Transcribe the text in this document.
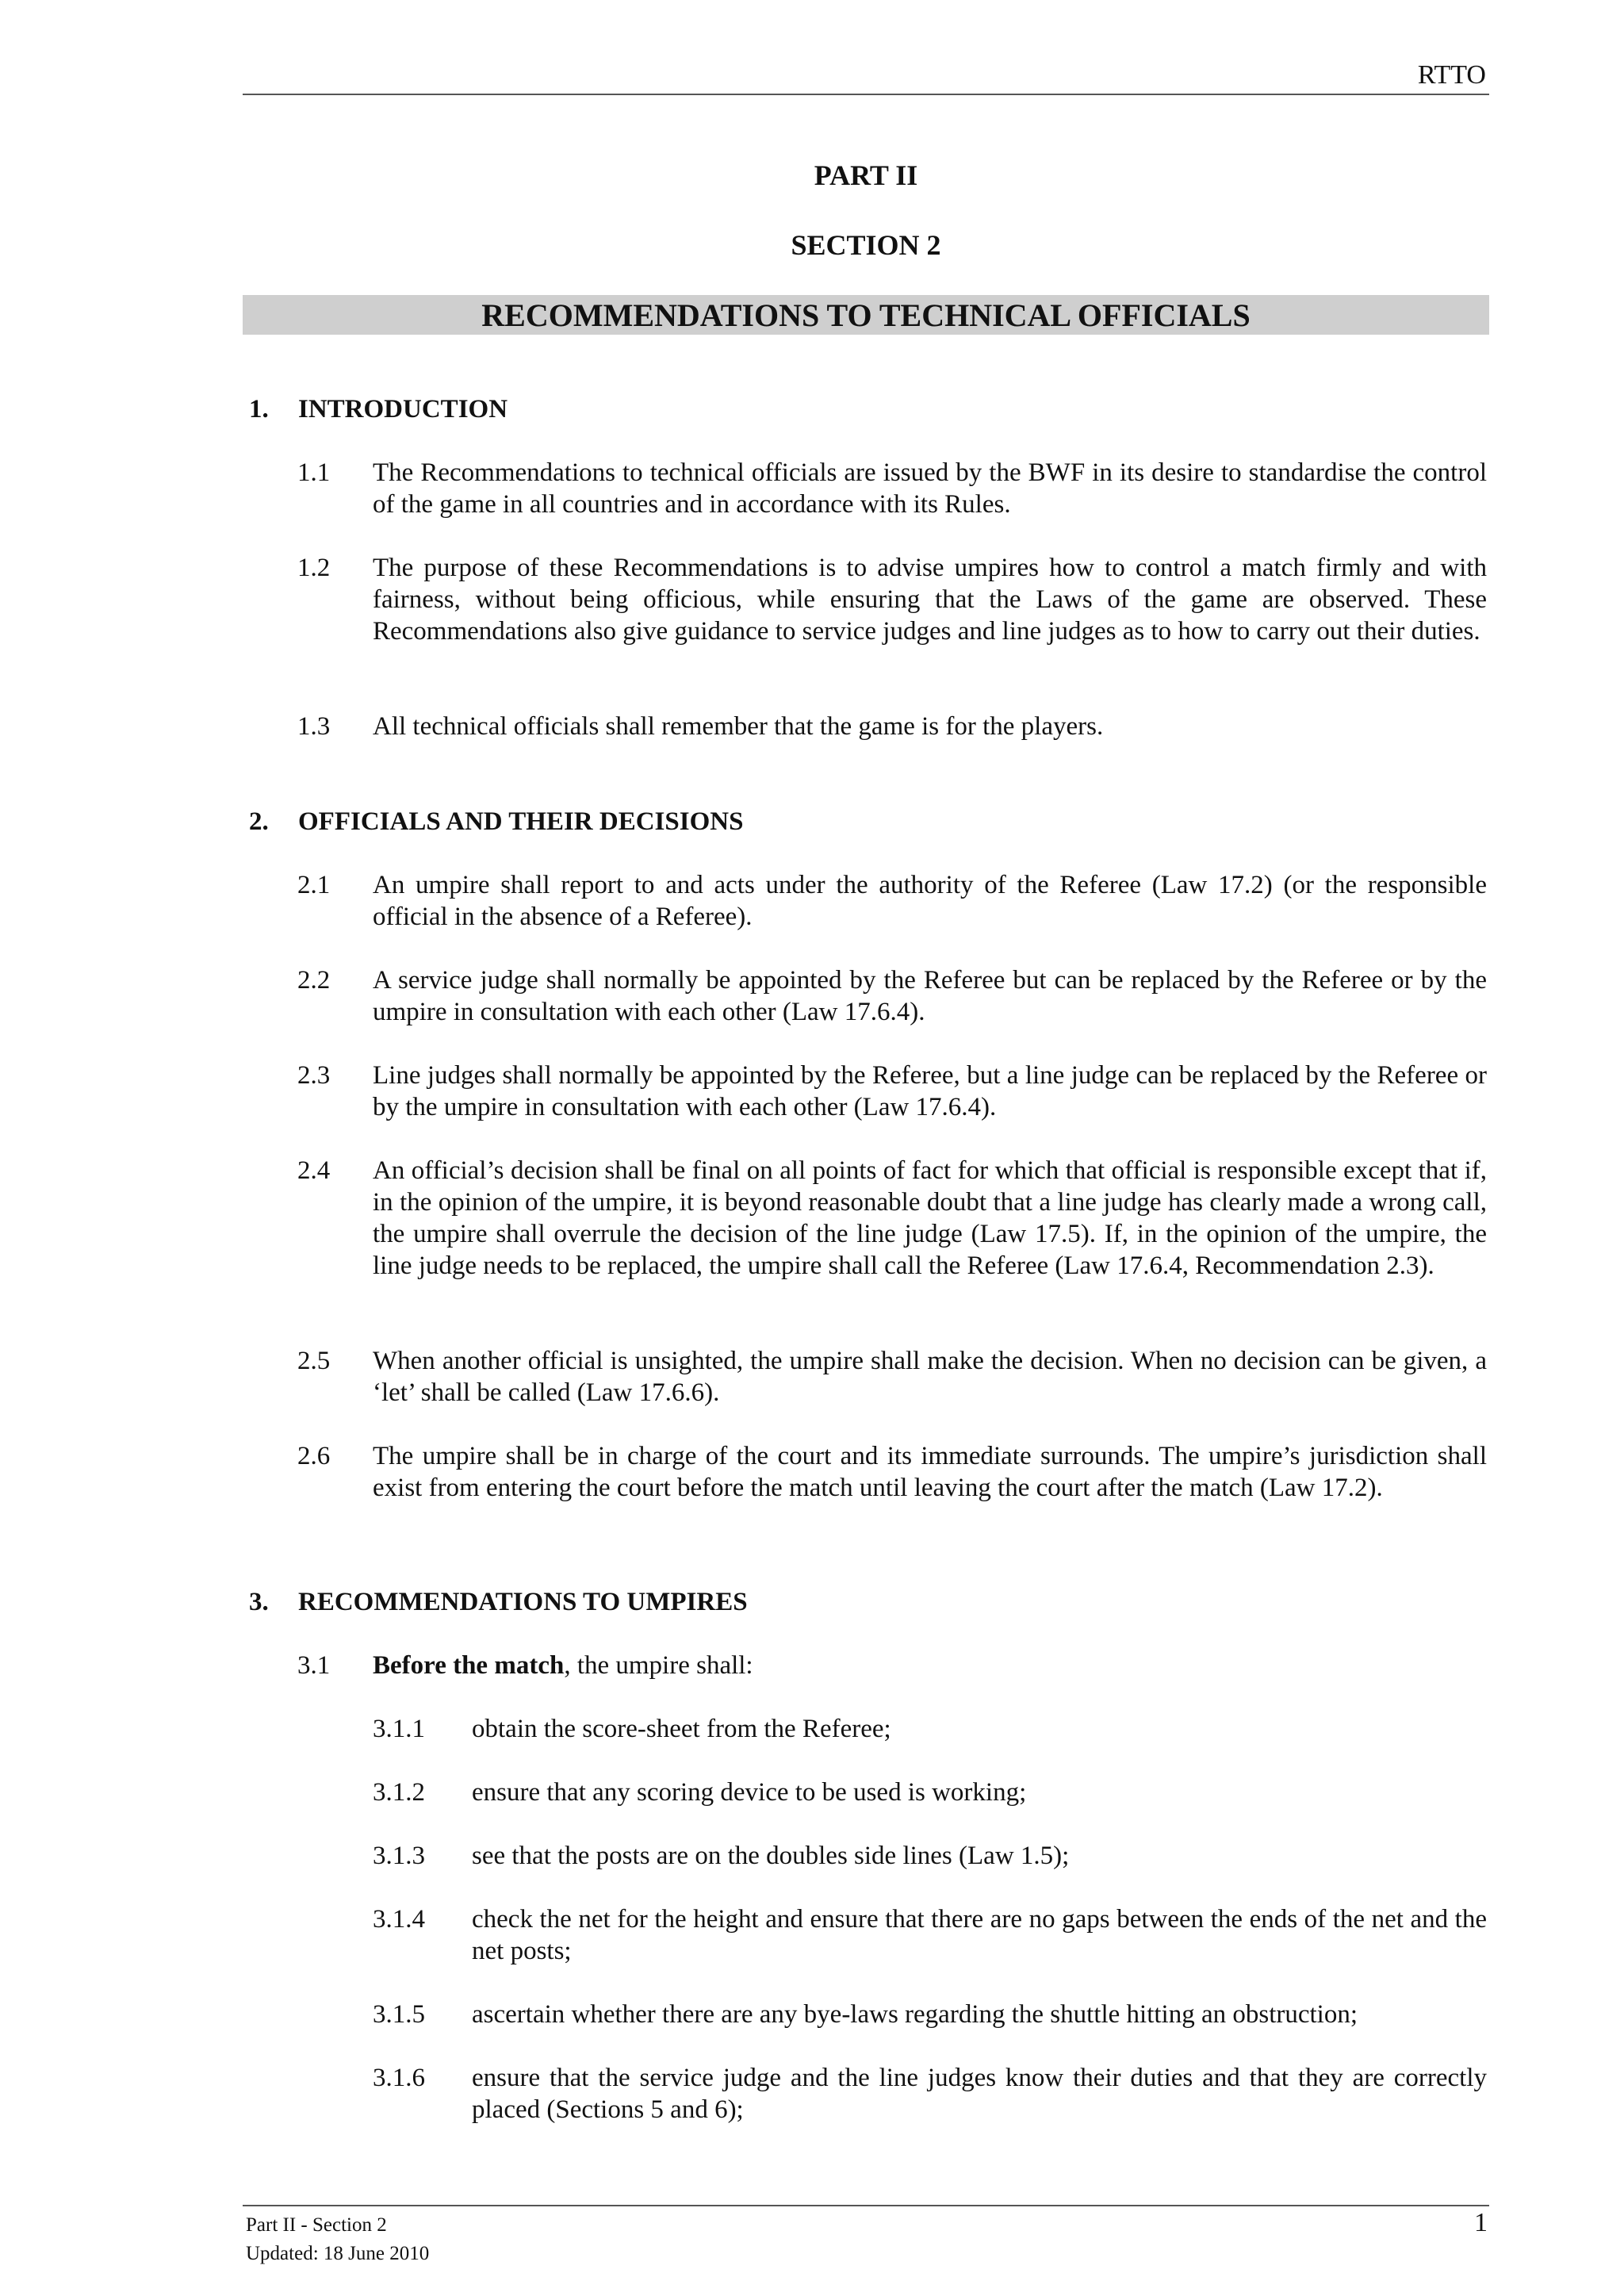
RTTO
PART II
SECTION 2
RECOMMENDATIONS TO TECHNICAL OFFICIALS
1. INTRODUCTION
1.1 The Recommendations to technical officials are issued by the BWF in its desire to standardise the control of the game in all countries and in accordance with its Rules.
1.2 The purpose of these Recommendations is to advise umpires how to control a match firmly and with fairness, without being officious, while ensuring that the Laws of the game are observed. These Recommendations also give guidance to service judges and line judges as to how to carry out their duties.
1.3 All technical officials shall remember that the game is for the players.
2. OFFICIALS AND THEIR DECISIONS
2.1 An umpire shall report to and acts under the authority of the Referee (Law 17.2) (or the responsible official in the absence of a Referee).
2.2 A service judge shall normally be appointed by the Referee but can be replaced by the Referee or by the umpire in consultation with each other (Law 17.6.4).
2.3 Line judges shall normally be appointed by the Referee, but a line judge can be replaced by the Referee or by the umpire in consultation with each other (Law 17.6.4).
2.4 An official’s decision shall be final on all points of fact for which that official is responsible except that if, in the opinion of the umpire, it is beyond reasonable doubt that a line judge has clearly made a wrong call, the umpire shall overrule the decision of the line judge (Law 17.5). If, in the opinion of the umpire, the line judge needs to be replaced, the umpire shall call the Referee (Law 17.6.4, Recommendation 2.3).
2.5 When another official is unsighted, the umpire shall make the decision. When no decision can be given, a ‘let’ shall be called (Law 17.6.6).
2.6 The umpire shall be in charge of the court and its immediate surrounds. The umpire’s jurisdiction shall exist from entering the court before the match until leaving the court after the match (Law 17.2).
3. RECOMMENDATIONS TO UMPIRES
3.1 Before the match, the umpire shall:
3.1.1 obtain the score-sheet from the Referee;
3.1.2 ensure that any scoring device to be used is working;
3.1.3 see that the posts are on the doubles side lines (Law 1.5);
3.1.4 check the net for the height and ensure that there are no gaps between the ends of the net and the net posts;
3.1.5 ascertain whether there are any bye-laws regarding the shuttle hitting an obstruction;
3.1.6 ensure that the service judge and the line judges know their duties and that they are correctly placed (Sections 5 and 6);
Part II - Section 2
Updated: 18 June 2010
1
